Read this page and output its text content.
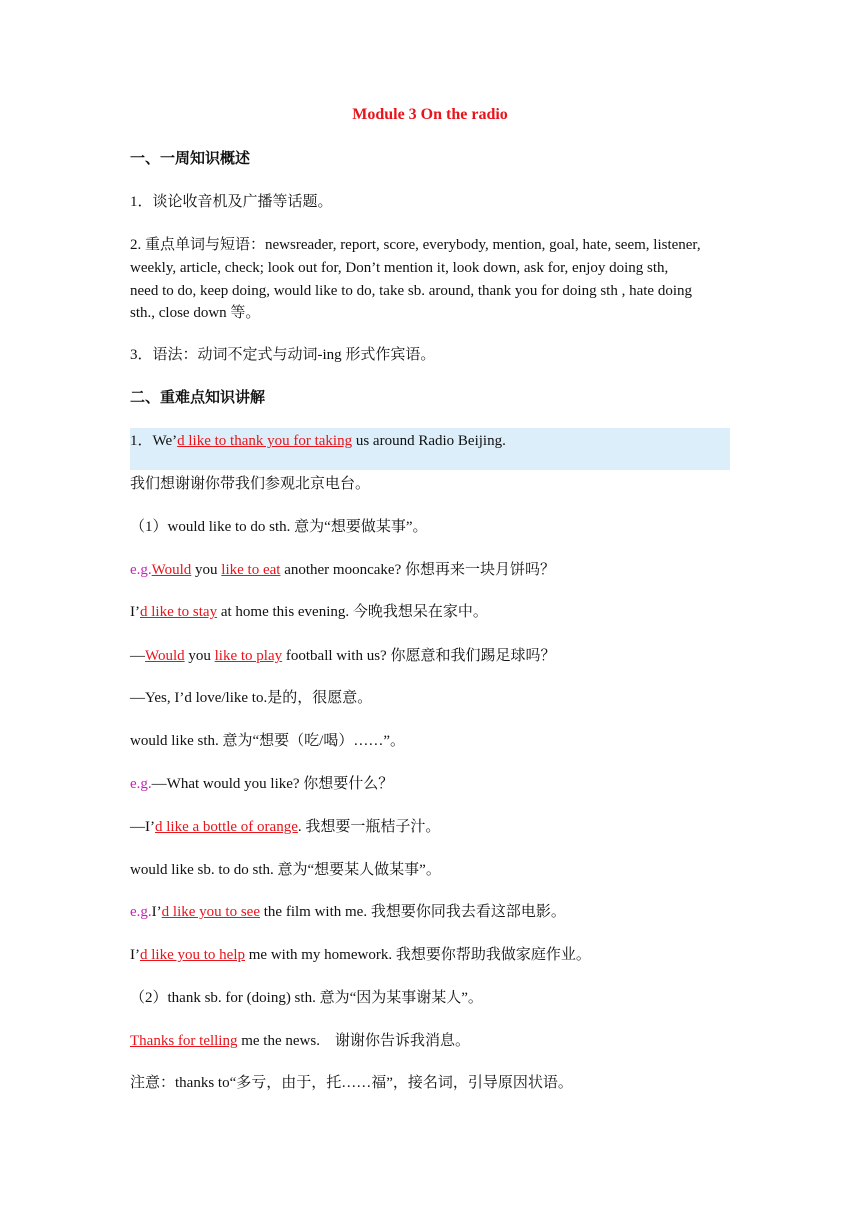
Module 3 On the radio
一、一周知识概述
1．谈论收音机及广播等话题。
2. 重点单词与短语：newsreader, report, score, everybody, mention, goal, hate, seem, listener,
weekly, article, check; look out for, Don’t mention it, look down, ask for, enjoy doing sth,
need to do, keep doing, would like to do, take sb. around, thank you for doing sth , hate doing
sth., close down 等。
3．语法：动词不定式与动词-ing 形式作宾语。
二、重难点知识讲解
1．We’d like to thank you for taking us around Radio Beijing.
我们想谢谢你带我们参观北京电台。
（1）would like to do sth. 意为“想要做某事”。
e.g.Would you like to eat another mooncake? 你想再来一块月饼吗？
I’d like to stay at home this evening. 今晚我想呆在家中。
—Would you like to play football with us? 你愿意和我们踢足球吗？
—Yes, I’d love/like to.是的，很愿意。
would like sth. 意为“想要（吃/喝）……”。
e.g.—What would you like? 你想要什么？
—I’d like a bottle of orange. 我想要一瓶桔子汁。
would like sb. to do sth. 意为“想要某人做某事”。
e.g.I’d like you to see the film with me. 我想要你同我去看这部电影。
I’d like you to help me with my homework. 我想要你帮助我做家庭作业。
（2）thank sb. for (doing) sth. 意为“因为某事谢某人”。
Thanks for telling me the news.    谢谢你告诉我消息。
注意：thanks to“多亏，由于，托……福”，接名词，引导原因状语。
